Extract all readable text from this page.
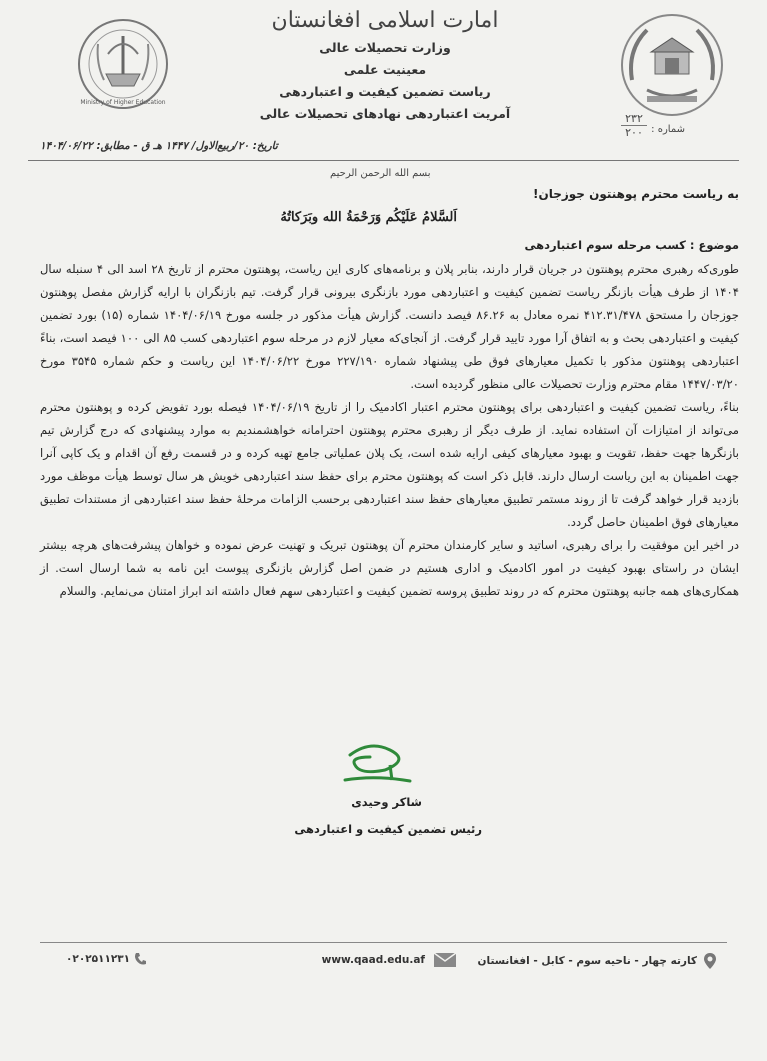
امارت اسلامی افغانستان
وزارت تحصیلات عالی
معینیت علمی
ریاست تضمین کیفیت و اعتباردهی
آمریت اعتباردهی نهادهای تحصیلات عالی
Ministry of Higher Education
شماره :
۲۳۲
۲۰۰
تاریخ: ۲۰/ربیع‌الاول/ ۱۴۴۷ هـ ق - مطابق: ۱۴۰۴/۰۶/۲۲
بسم الله الرحمن الرحیم
به ریاست محترم پوهنتون جوزجان!
اَلسَّلامُ عَلَیْکُم وَرَحْمَةُ الله وبَرَکاتُهُ
موضوع : کسب مرحله سوم اعتباردهی

طوری‌که رهبری محترم پوهنتون در جریان قرار دارند، بنابر پلان و برنامه‌های کاری این ریاست، پوهنتون محترم از تاریخ ۲۸ اسد الی ۴ سنبله سال ۱۴۰۴ از طرف هیأت بازنگر ریاست تضمین کیفیت و اعتباردهی مورد بازنگری بیرونی قرار گرفت. تیم بازنگران با ارایه گزارش مفصل پوهنتون جوزجان را مستحق ۴۱۲.۳۱/۴۷۸ نمره معادل به ۸۶.۲۶ فیصد دانست. گزارش هیأت مذکور در جلسه مورخ ۱۴۰۴/۰۶/۱۹ شماره (۱۵) بورد تضمین کیفیت و اعتباردهی بحث و به اتفاق آرا مورد تایید قرار گرفت. از آنجای‌که معیار لازم در مرحله سوم اعتباردهی کسب ۸۵ الی ۱۰۰ فیصد است، بناءً اعتباردهی پوهنتون مذکور با تکمیل معیارهای فوق طی پیشنهاد شماره ۲۲۷/۱۹۰ مورخ ۱۴۰۴/۰۶/۲۲ این ریاست و حکم شماره ۳۵۴۵ مورخ ۱۴۴۷/۰۳/۲۰ مقام محترم وزارت تحصیلات عالی منظور گردیده است.

بناءً، ریاست تضمین کیفیت و اعتباردهی برای پوهنتون محترم اعتبار اکادمیک را از تاریخ ۱۴۰۴/۰۶/۱۹ فیصله بورد تفویض کرده و پوهنتون محترم می‌تواند از امتیازات آن استفاده نماید. از طرف دیگر از رهبری محترم پوهنتون احترامانه خواهشمندیم به موارد پیشنهادی که درج گزارش تیم بازنگرها جهت حفظ، تقویت و بهبود معیارهای کیفی ارایه شده است، یک پلان عملیاتی جامع تهیه کرده و در قسمت رفع آن اقدام و یک کاپی آنرا جهت اطمینان به این ریاست ارسال دارند. قابل ذکر است که پوهنتون محترم برای حفظ سند اعتباردهی خویش هر سال توسط هیأت موظف مورد بازدید قرار خواهد گرفت تا از روند مستمر تطبیق معیارهای حفظ سند اعتباردهی برحسب الزامات مرحلهٔ حفظ سند اعتباردهی از مستندات تطبیق معیارهای فوق اطمینان حاصل گردد.

در اخیر این موفقیت را برای رهبری، اساتید و سایر کارمندان محترم آن پوهنتون تبریک و تهنیت عرض نموده و خواهان پیشرفت‌های هرچه بیشتر ایشان در راستای بهبود کیفیت در امور اکادمیک و اداری هستیم در ضمن اصل گزارش بازنگری پیوست این نامه به شما ارسال است. از همکاری‌های همه جانبه پوهنتون محترم که در روند تطبیق پروسه تضمین کیفیت و اعتباردهی سهم فعال داشته اند ابراز امتنان می‌نمایم. والسلام

شاکر وحیدی
رئیس تضمین کیفیت و اعتباردهی
کارته چهار - ناحیه سوم - کابل - افغانستان
www.qaad.edu.af
۰۲۰۲۵۱۱۲۳۱
